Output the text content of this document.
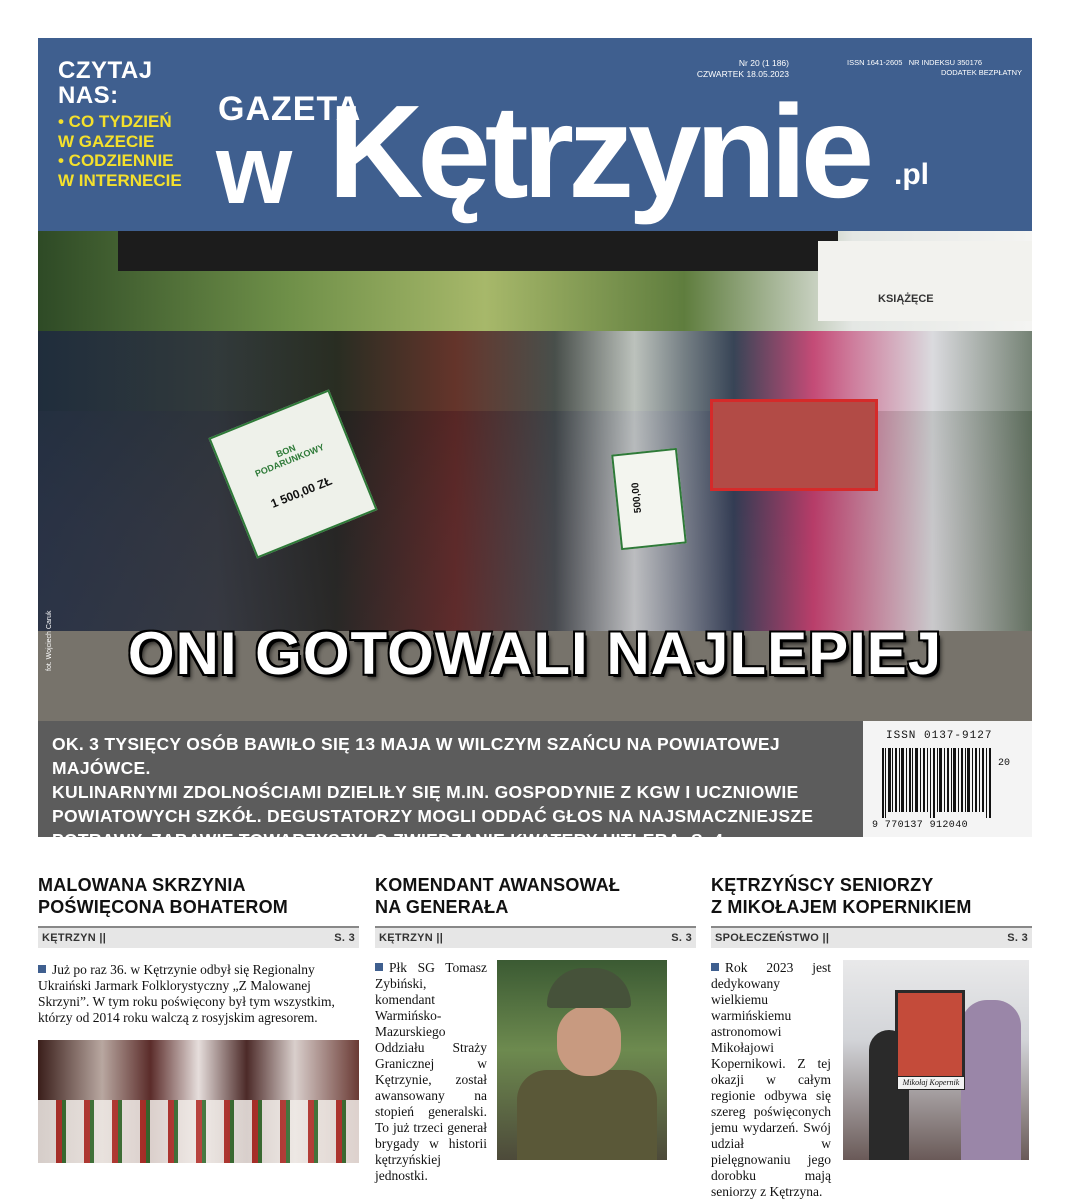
CZYTAJ
NAS:
• CO TYDZIEŃ
W GAZECIE
• CODZIENNIE
W INTERNECIE
Nr 20 (1 186)
CZWARTEK 18.05.2023
ISSN 1641-2605 NR INDEKSU 350176
DODATEK BEZPŁATNY
GAZETA
w Kętrzynie .pl
KSIĄŻĘCE
BON PODARUNKOWY
1 500,00 ZŁ	500,00
fot. Wojciech Caruk	ONI GOTOWALI NAJLEPIEJ

OK. 3 TYSIĘCY OSÓB BAWIŁO SIĘ 13 MAJA W WILCZYM SZAŃCU NA POWIATOWEJ MAJÓWCE.

KULINARNYMI ZDOLNOŚCIAMI DZIELIŁY SIĘ M.IN. GOSPODYNIE Z KGW I UCZNIOWIE

POWIATOWYCH SZKÓŁ. DEGUSTATORZY MOGLI ODDAĆ GŁOS NA NAJSMACZNIEJSZE

POTRAWY. ZABAWIE TOWARZYSZYŁO ZWIEDZANIE KWATERY HITLERA. S. 4

ISSN 0137-9127
20
9 770137 912040
MALOWANA SKRZYNIA
POŚWIĘCONA BOHATEROM
KĘTRZYN ||	S. 3
Już po raz 36. w Kętrzynie odbył się Regionalny Ukraiński Jarmark Folklorystyczny „Z Malowanej Skrzyni”. W tym roku poświęcony był tym wszystkim, którzy od 2014 roku walczą z rosyjskim agresorem.
KOMENDANT AWANSOWAŁ
NA GENERAŁA
KĘTRZYN ||	S. 3
Płk SG Tomasz Zybiński, komendant Warmińsko-Mazurskiego Oddziału Straży Granicznej w Kętrzynie, został awansowany na stopień generalski. To już trzeci generał brygady w historii kętrzyńskiej jednostki.
KĘTRZYŃSCY SENIORZY
Z MIKOŁAJEM KOPERNIKIEM
SPOŁECZEŃSTWO ||	S. 3
Rok 2023 jest dedykowany wielkiemu warmińskiemu astronomowi Mikołajowi Kopernikowi. Z tej okazji w całym regionie odbywa się szereg poświęconych jemu wydarzeń. Swój udział w pielęgnowaniu jego dorobku mają seniorzy z Kętrzyna.
Mikołaj Kopernik
